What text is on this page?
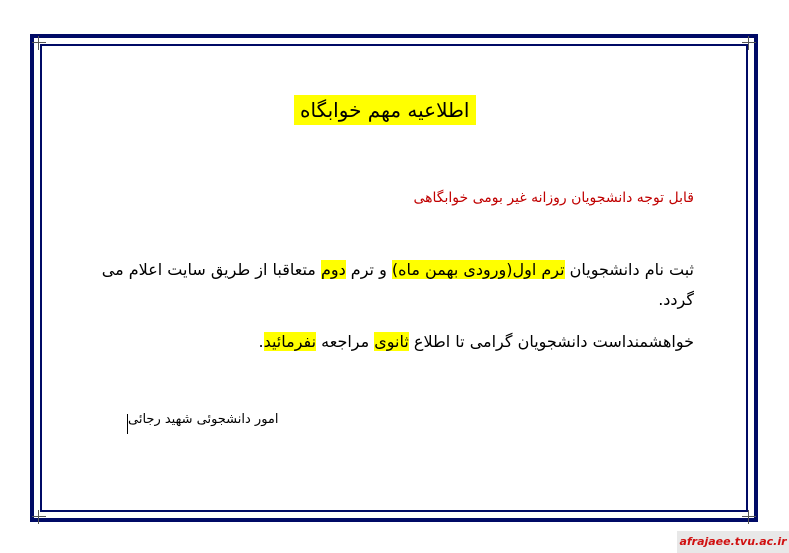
اطلاعیه مهم خوابگاه
قابل توجه دانشجویان روزانه غیر بومی خوابگاهی
ثبت نام دانشجویان ترم اول(ورودی بهمن ماه) و ترم دوم متعاقبا از طریق سایت اعلام می گردد.
خواهشمنداست دانشجویان گرامی تا اطلاع ثانوی مراجعه نفرمائید.
امور دانشجوئی شهید رجائی
afrajaee.tvu.ac.ir
